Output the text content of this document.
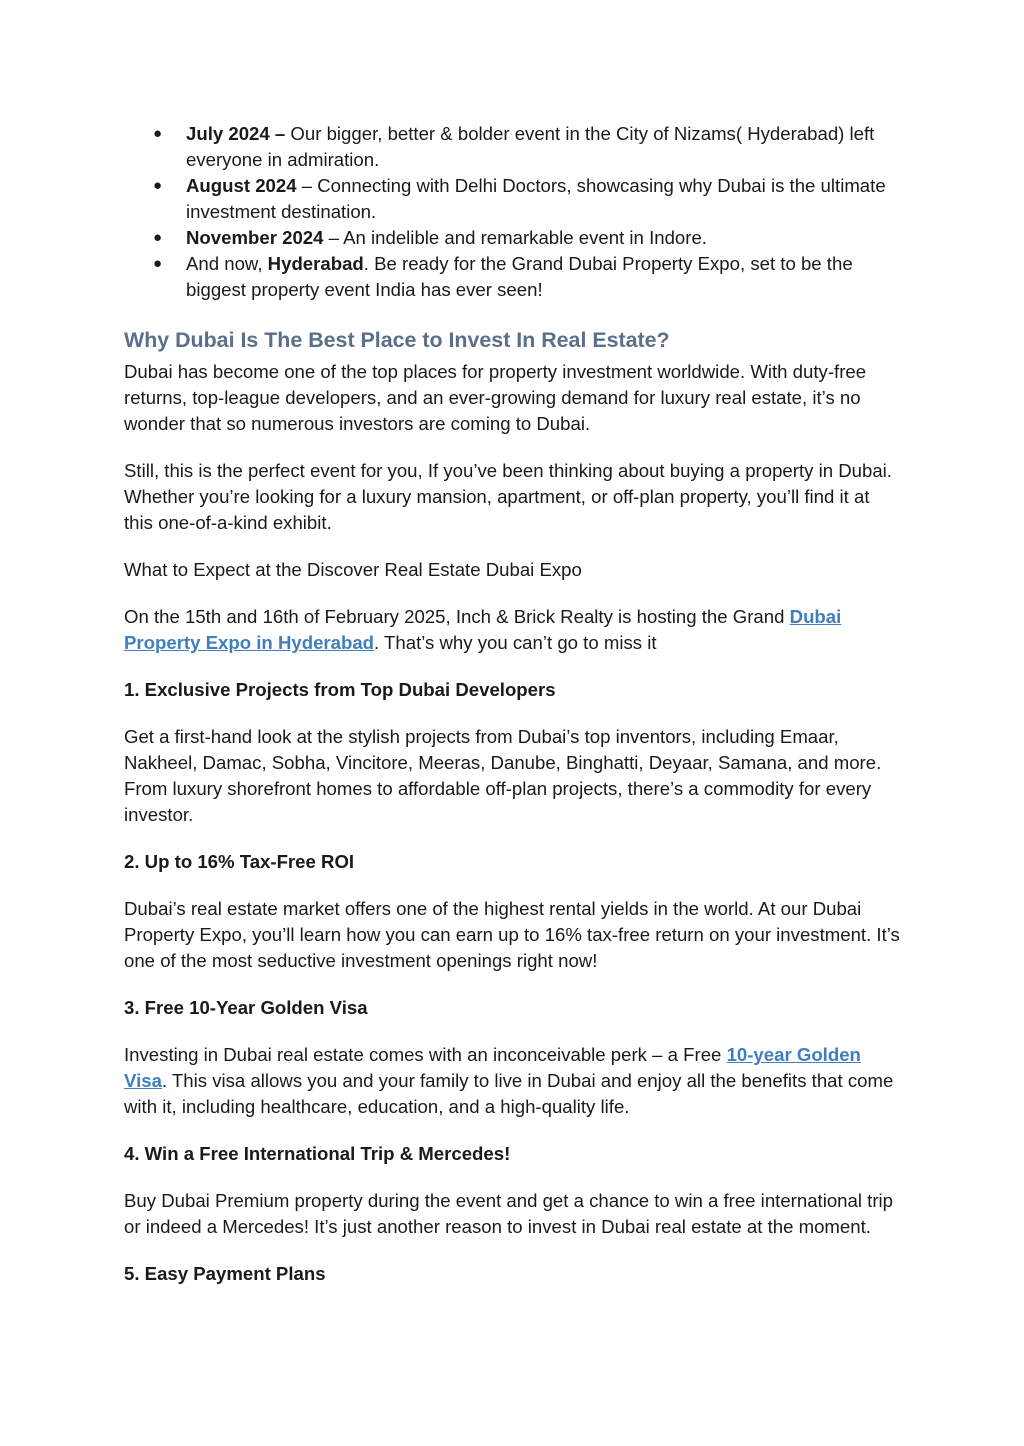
● July 2024 – Our bigger, better & bolder event in the City of Nizams( Hyderabad) left everyone in admiration.
● August 2024 – Connecting with Delhi Doctors, showcasing why Dubai is the ultimate investment destination.
● November 2024 – An indelible and remarkable event in Indore.
● And now, Hyderabad. Be ready for the Grand Dubai Property Expo, set to be the biggest property event India has ever seen!
Why Dubai Is The Best Place to Invest In Real Estate?

Dubai has become one of the top places for property investment worldwide. With duty-free returns, top-league developers, and an ever-growing demand for luxury real estate, it’s no wonder that so numerous investors are coming to Dubai.

Still, this is the perfect event for you, If you’ve been thinking about buying a property in Dubai. Whether you’re looking for a luxury mansion, apartment, or off-plan property, you’ll find it at this one-of-a-kind exhibit.

What to Expect at the Discover Real Estate Dubai Expo

On the 15th and 16th of February 2025, Inch & Brick Realty is hosting the Grand Dubai Property Expo in Hyderabad. That’s why you can’t go to miss it

1. Exclusive Projects from Top Dubai Developers

Get a first-hand look at the stylish projects from Dubai’s top inventors, including Emaar, Nakheel, Damac, Sobha, Vincitore, Meeras, Danube, Binghatti, Deyaar, Samana, and more. From luxury shorefront homes to affordable off-plan projects, there’s a commodity for every investor.

2. Up to 16% Tax-Free ROI

Dubai’s real estate market offers one of the highest rental yields in the world. At our Dubai Property Expo, you’ll learn how you can earn up to 16% tax-free return on your investment. It’s one of the most seductive investment openings right now!

3. Free 10-Year Golden Visa

Investing in Dubai real estate comes with an inconceivable perk – a Free 10-year Golden Visa. This visa allows you and your family to live in Dubai and enjoy all the benefits that come with it, including healthcare, education, and a high-quality life.

4. Win a Free International Trip & Mercedes!

Buy Dubai Premium property during the event and get a chance to win a free international trip or indeed a Mercedes! It’s just another reason to invest in Dubai real estate at the moment.

5. Easy Payment Plans
